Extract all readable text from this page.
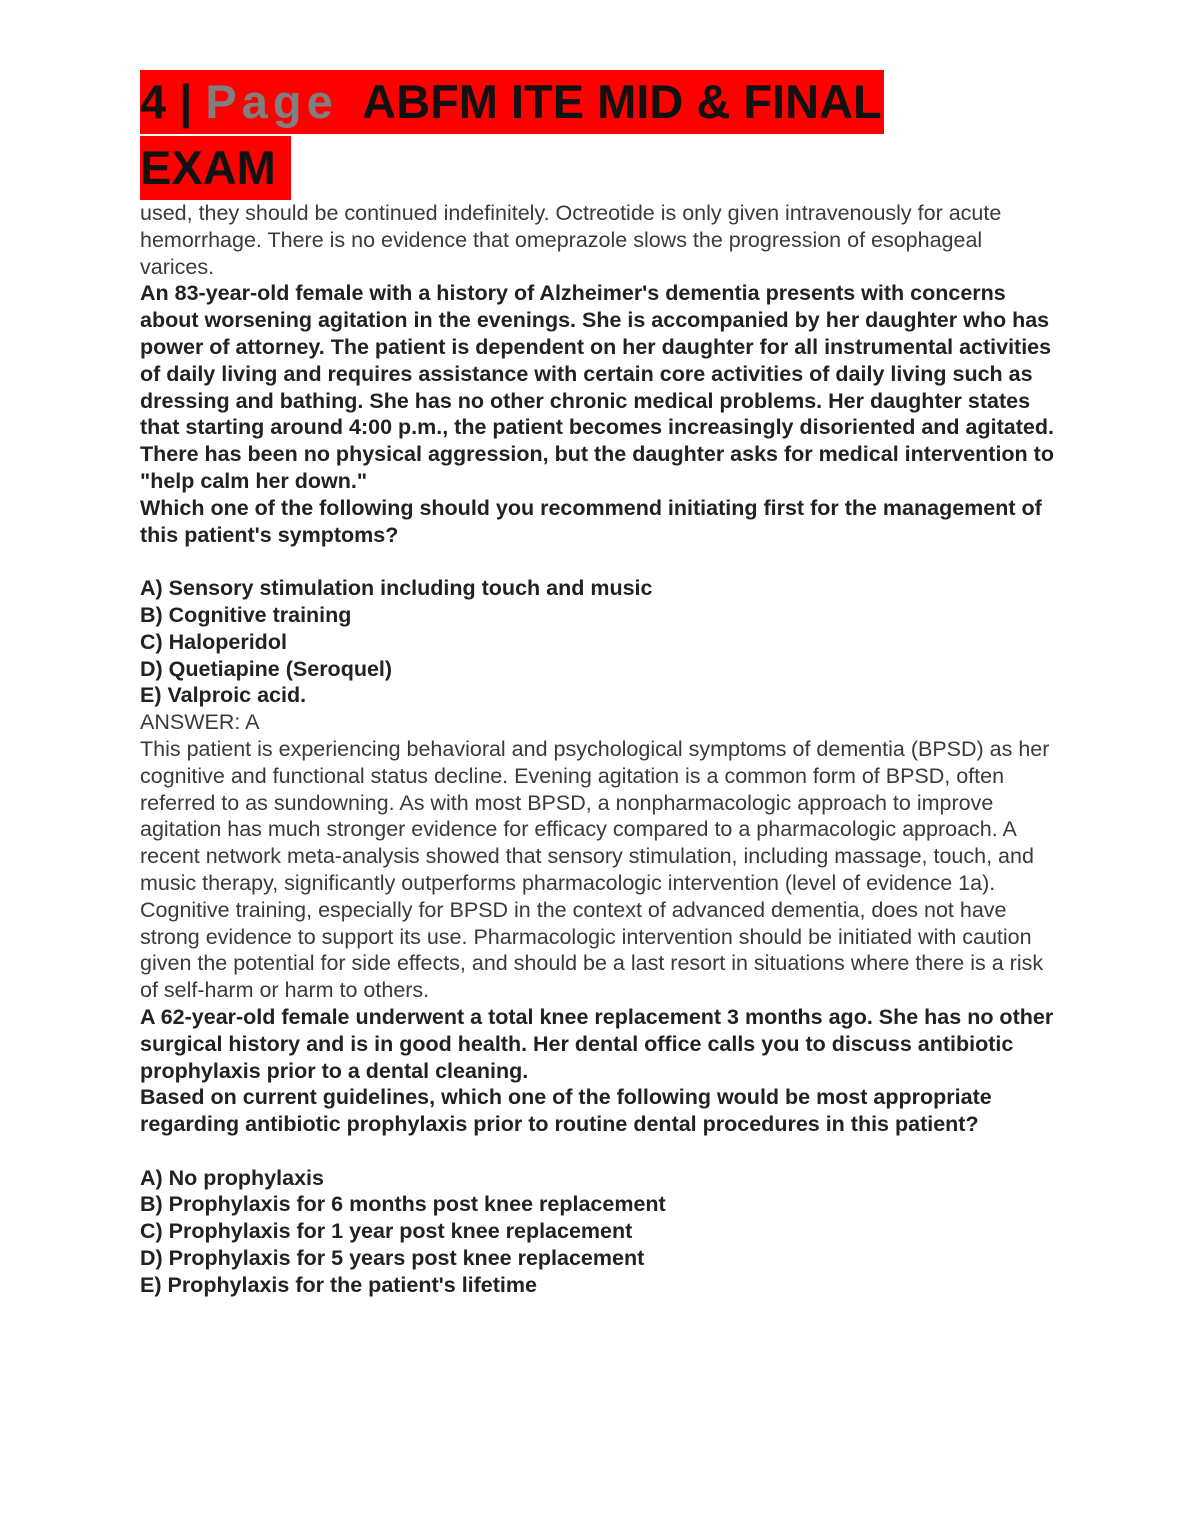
4 | Page ABFM ITE MID & FINAL
EXAM

used, they should be continued indefinitely. Octreotide is only given intravenously for acute hemorrhage. There is no evidence that omeprazole slows the progression of esophageal varices.

An 83-year-old female with a history of Alzheimer's dementia presents with concerns about worsening agitation in the evenings. She is accompanied by her daughter who has power of attorney. The patient is dependent on her daughter for all instrumental activities of daily living and requires assistance with certain core activities of daily living such as dressing and bathing. She has no other chronic medical problems. Her daughter states that starting around 4:00 p.m., the patient becomes increasingly disoriented and agitated. There has been no physical aggression, but the daughter asks for medical intervention to "help calm her down."

Which one of the following should you recommend initiating first for the management of this patient's symptoms?

A) Sensory stimulation including touch and music

B) Cognitive training

C) Haloperidol

D) Quetiapine (Seroquel)

E) Valproic acid.

ANSWER: A

This patient is experiencing behavioral and psychological symptoms of dementia (BPSD) as her cognitive and functional status decline. Evening agitation is a common form of BPSD, often referred to as sundowning. As with most BPSD, a nonpharmacologic approach to improve agitation has much stronger evidence for efficacy compared to a pharmacologic approach. A recent network meta-analysis showed that sensory stimulation, including massage, touch, and music therapy, significantly outperforms pharmacologic intervention (level of evidence 1a). Cognitive training, especially for BPSD in the context of advanced dementia, does not have strong evidence to support its use. Pharmacologic intervention should be initiated with caution given the potential for side effects, and should be a last resort in situations where there is a risk of self-harm or harm to others.

A 62-year-old female underwent a total knee replacement 3 months ago. She has no other surgical history and is in good health. Her dental office calls you to discuss antibiotic prophylaxis prior to a dental cleaning.

Based on current guidelines, which one of the following would be most appropriate regarding antibiotic prophylaxis prior to routine dental procedures in this patient?

A) No prophylaxis

B) Prophylaxis for 6 months post knee replacement

C) Prophylaxis for 1 year post knee replacement

D) Prophylaxis for 5 years post knee replacement

E) Prophylaxis for the patient's lifetime
